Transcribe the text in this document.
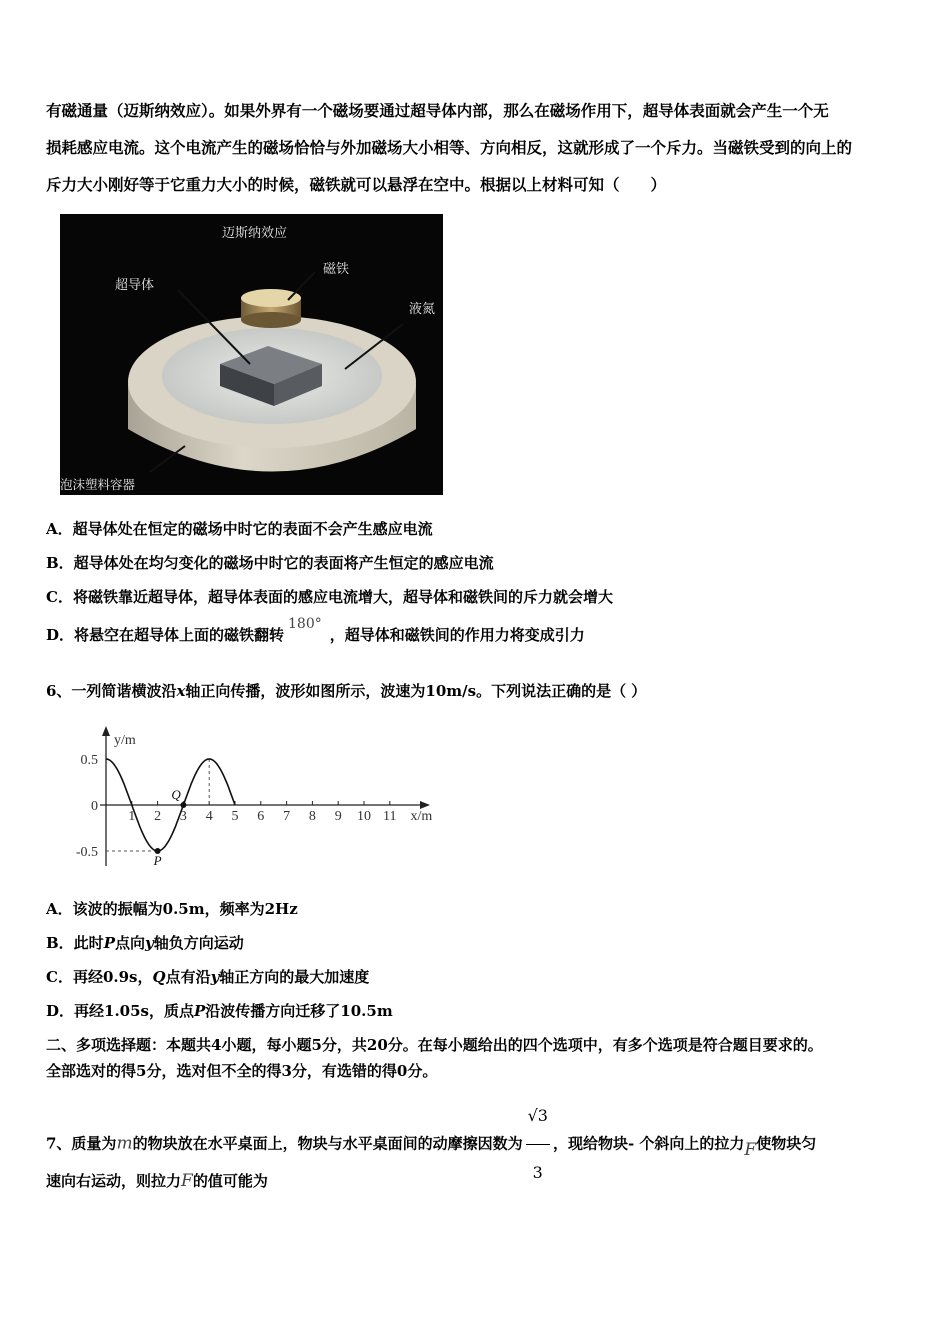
有磁通量（迈斯纳效应）。如果外界有一个磁场要通过超导体内部，那么在磁场作用下，超导体表面就会产生一个无
损耗感应电流。这个电流产生的磁场恰恰与外加磁场大小相等、方向相反，这就形成了一个斥力。当磁铁受到的向上的
斥力大小刚好等于它重力大小的时候，磁铁就可以悬浮在空中。根据以上材料可知（　　）
迈斯纳效应
超导体
磁铁
液氮
泡沫塑料容器
A．超导体处在恒定的磁场中时它的表面不会产生感应电流
B．超导体处在均匀变化的磁场中时它的表面将产生恒定的感应电流
C．将磁铁靠近超导体，超导体表面的感应电流增大，超导体和磁铁间的斥力就会增大
D．将悬空在超导体上面的磁铁翻转180°，超导体和磁铁间的作用力将变成引力
6、一列简谐横波沿x轴正向传播，波形如图所示，波速为10m/s。下列说法正确的是（ ）
y/m
x/m
0.5
0
-0.5
1 2 3 4 5 6 7 8 9 10 11
P
Q
A．该波的振幅为0.5m，频率为2Hz
B．此时P点向y轴负方向运动
C．再经0.9s，Q点有沿y轴正方向的最大加速度
D．再经1.05s，质点P沿波传播方向迁移了10.5m
二、多项选择题：本题共4小题，每小题5分，共20分。在每小题给出的四个选项中，有多个选项是符合题目要求的。
全部选对的得5分，选对但不全的得3分，有选错的得0分。
7、质量为m的物块放在水平桌面上，物块与水平桌面间的动摩擦因数为 $\frac{√3}{3}$ ，现给物块- 个斜向上的拉力F使物块匀
速向右运动，则拉力F的值可能为
